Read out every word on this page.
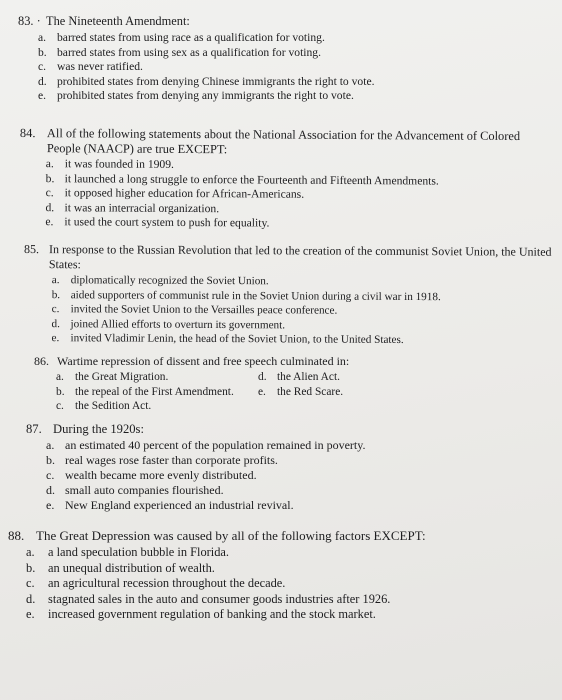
83. · The Nineteenth Amendment:
a. barred states from using race as a qualification for voting.
b. barred states from using sex as a qualification for voting.
c. was never ratified.
d. prohibited states from denying Chinese immigrants the right to vote.
e. prohibited states from denying any immigrants the right to vote.
84. All of the following statements about the National Association for the Advancement of Colored People (NAACP) are true EXCEPT:
a. it was founded in 1909.
b. it launched a long struggle to enforce the Fourteenth and Fifteenth Amendments.
c. it opposed higher education for African-Americans.
d. it was an interracial organization.
e. it used the court system to push for equality.
85. In response to the Russian Revolution that led to the creation of the communist Soviet Union, the United States:
a. diplomatically recognized the Soviet Union.
b. aided supporters of communist rule in the Soviet Union during a civil war in 1918.
c. invited the Soviet Union to the Versailles peace conference.
d. joined Allied efforts to overturn its government.
e. invited Vladimir Lenin, the head of the Soviet Union, to the United States.
86. Wartime repression of dissent and free speech culminated in:
a. the Great Migration.	d. the Alien Act.
b. the repeal of the First Amendment. e. the Red Scare.
c. the Sedition Act.
87. During the 1920s:
a. an estimated 40 percent of the population remained in poverty.
b. real wages rose faster than corporate profits.
c. wealth became more evenly distributed.
d. small auto companies flourished.
e. New England experienced an industrial revival.
88. The Great Depression was caused by all of the following factors EXCEPT:
a.	a land speculation bubble in Florida.
b.	an unequal distribution of wealth.
c.	an agricultural recession throughout the decade.
d.	stagnated sales in the auto and consumer goods industries after 1926.
e.	increased government regulation of banking and the stock market.
